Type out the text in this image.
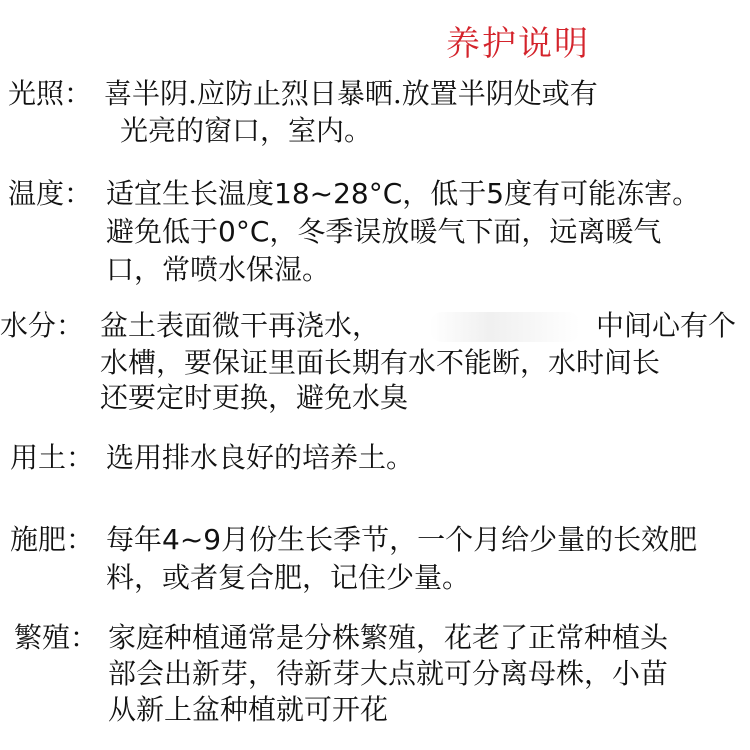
养护说明
光照： 喜半阴.应防止烈日暴晒.放置半阴处或有
光亮的窗口，室内。
温度： 适宜生长温度18~28°C，低于5度有可能冻害。
避免低于0°C，冬季误放暖气下面，远离暖气
口，常喷水保湿。
水分： 盆土表面微干再浇水，	中间心有个
水槽，要保证里面长期有水不能断，水时间长
还要定时更换，避免水臭
用土： 选用排水良好的培养土。
施肥： 每年4~9月份生长季节，一个月给少量的长效肥
料，或者复合肥，记住少量。
繁殖： 家庭种植通常是分株繁殖，花老了正常种植头
部会出新芽，待新芽大点就可分离母株，小苗
从新上盆种植就可开花
